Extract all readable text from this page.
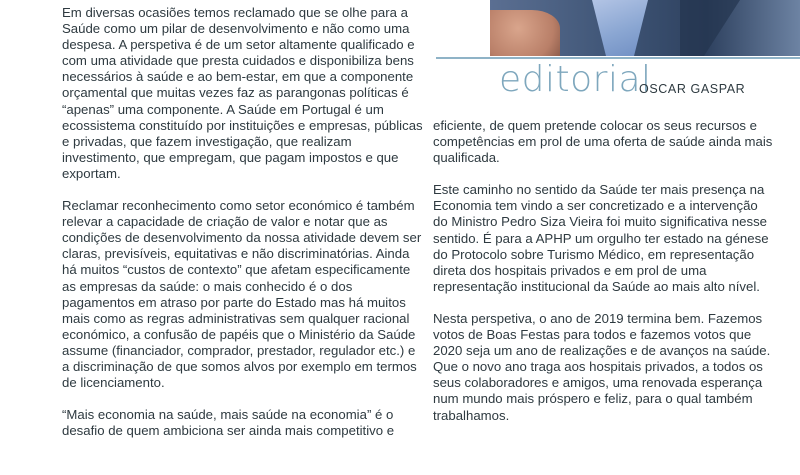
Em diversas ocasiões temos reclamado que se olhe para a Saúde como um pilar de desenvolvimento e não como uma despesa. A perspetiva é de um setor altamente qualificado e com uma atividade que presta cuidados e disponibiliza bens necessários à saúde e ao bem-estar, em que a componente orçamental que muitas vezes faz as parangonas políticas é “apenas” uma componente. A Saúde em Portugal é um ecossistema constituído por instituições e empresas, públicas e privadas, que fazem investigação, que realizam investimento, que empregam, que pagam impostos e que exportam.

Reclamar reconhecimento como setor económico é também relevar a capacidade de criação de valor e notar que as condições de desenvolvimento da nossa atividade devem ser claras, previsíveis, equitativas e não discriminatórias. Ainda há muitos “custos de contexto” que afetam especificamente as empresas da saúde: o mais conhecido é o dos pagamentos em atraso por parte do Estado mas há muitos mais como as regras administrativas sem qualquer racional económico, a confusão de papéis que o Ministério da Saúde assume (financiador, comprador, prestador, regulador etc.) e a discriminação de que somos alvos por exemplo em termos de licenciamento.

“Mais economia na saúde, mais saúde na economia” é o desafio de quem ambiciona ser ainda mais competitivo e

editorial
OSCAR GASPAR

eficiente, de quem pretende colocar os seus recursos e competências em prol de uma oferta de saúde ainda mais qualificada.

Este caminho no sentido da Saúde ter mais presença na Economia tem vindo a ser concretizado e a intervenção do Ministro Pedro Siza Vieira foi muito significativa nesse sentido. É para a APHP um orgulho ter estado na génese do Protocolo sobre Turismo Médico, em representação direta dos hospitais privados e em prol de uma representação institucional da Saúde ao mais alto nível.

Nesta perspetiva, o ano de 2019 termina bem. Fazemos votos de Boas Festas para todos e fazemos votos que 2020 seja um ano de realizações e de avanços na saúde. Que o novo ano traga aos hospitais privados, a todos os seus colaboradores e amigos, uma renovada esperança num mundo mais próspero e feliz, para o qual também trabalhamos.
